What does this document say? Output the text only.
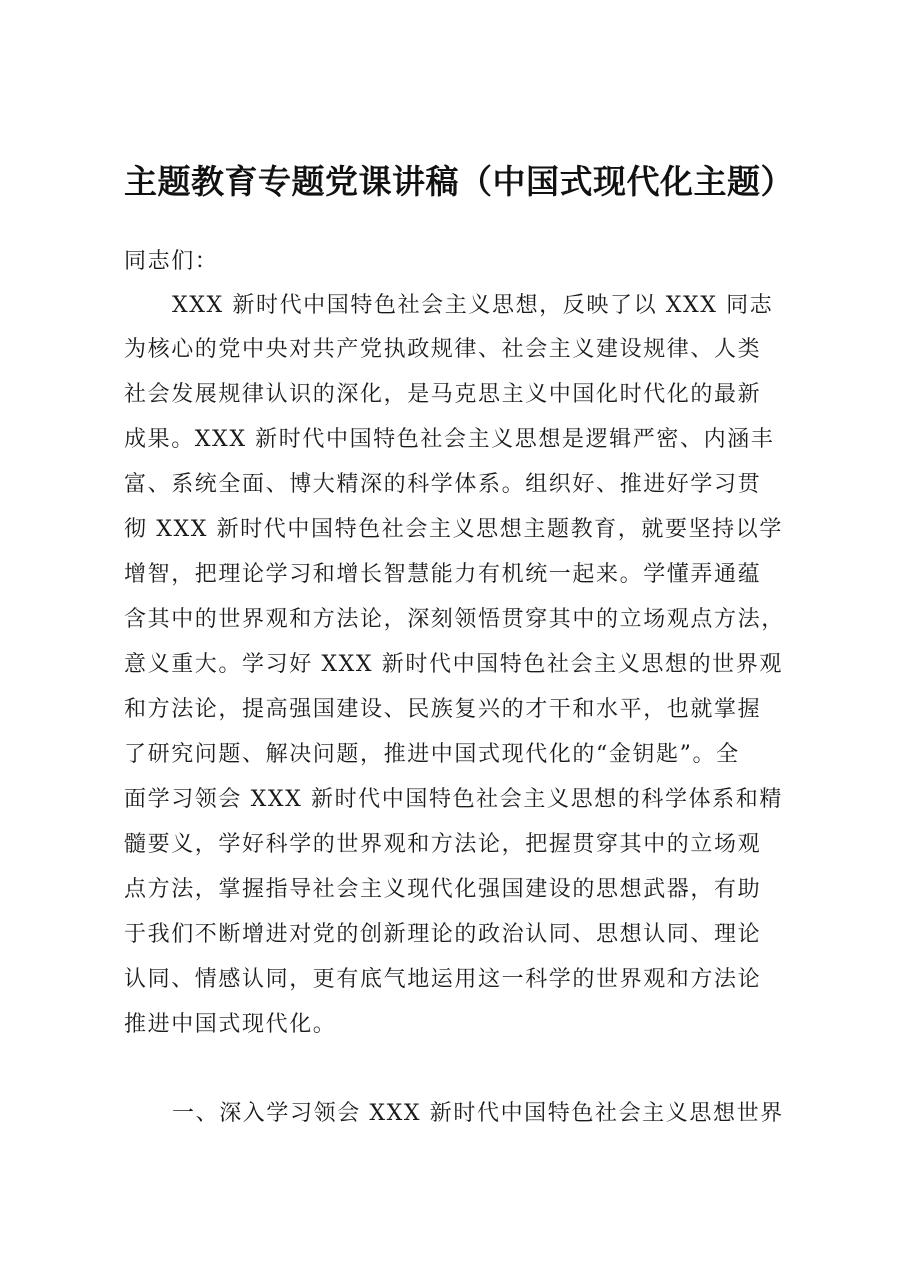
主题教育专题党课讲稿（中国式现代化主题）
同志们：
XXX 新时代中国特色社会主义思想，反映了以 XXX 同志
为核心的党中央对共产党执政规律、社会主义建设规律、人类
社会发展规律认识的深化，是马克思主义中国化时代化的最新
成果。XXX 新时代中国特色社会主义思想是逻辑严密、内涵丰
富、系统全面、博大精深的科学体系。组织好、推进好学习贯
彻 XXX 新时代中国特色社会主义思想主题教育，就要坚持以学
增智，把理论学习和增长智慧能力有机统一起来。学懂弄通蕴
含其中的世界观和方法论，深刻领悟贯穿其中的立场观点方法，
意义重大。学习好 XXX 新时代中国特色社会主义思想的世界观
和方法论，提高强国建设、民族复兴的才干和水平，也就掌握
了研究问题、解决问题，推进中国式现代化的“金钥匙”。全
面学习领会 XXX 新时代中国特色社会主义思想的科学体系和精
髓要义，学好科学的世界观和方法论，把握贯穿其中的立场观
点方法，掌握指导社会主义现代化强国建设的思想武器，有助
于我们不断增进对党的创新理论的政治认同、思想认同、理论
认同、情感认同，更有底气地运用这一科学的世界观和方法论
推进中国式现代化。
一、深入学习领会 XXX 新时代中国特色社会主义思想世界
